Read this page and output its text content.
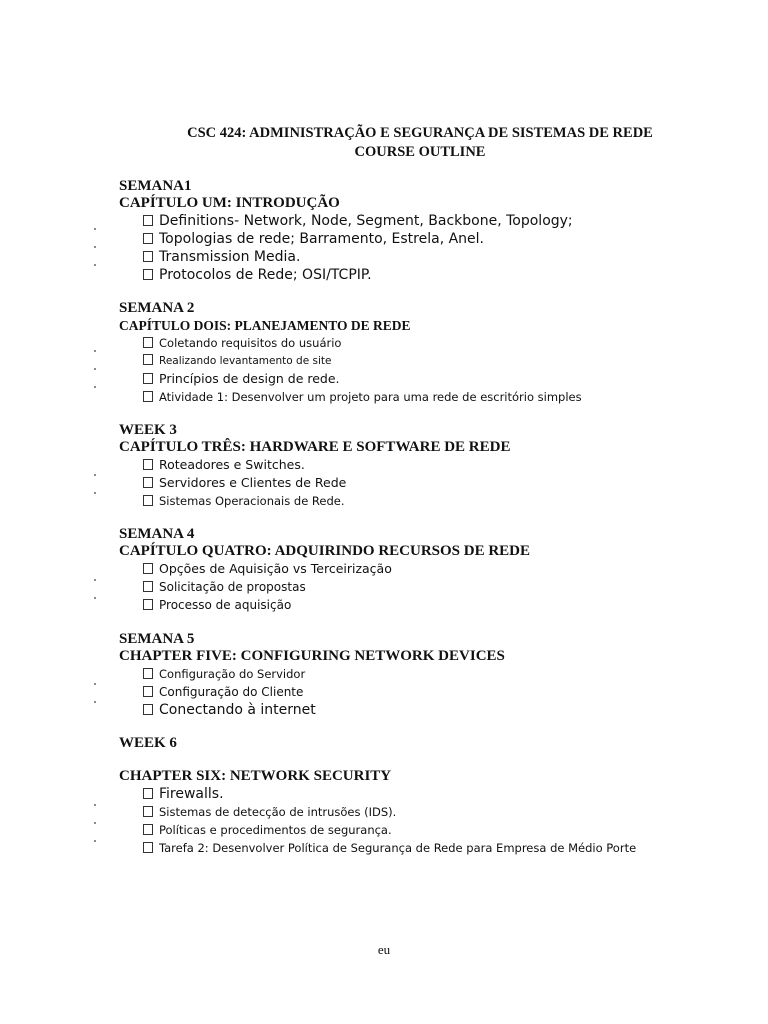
CSC 424: ADMINISTRAÇÃO E SEGURANÇA DE SISTEMAS DE REDE
COURSE OUTLINE
SEMANA1
CAPÍTULO UM: INTRODUÇÃO
Definitions- Network, Node, Segment, Backbone, Topology;
Topologias de rede; Barramento, Estrela, Anel.
Transmission Media.
Protocolos de Rede; OSI/TCPIP.
SEMANA 2
CAPÍTULO DOIS: PLANEJAMENTO DE REDE
Coletando requisitos do usuário
Realizando levantamento de site
Princípios de design de rede.
Atividade 1: Desenvolver um projeto para uma rede de escritório simples
WEEK 3
CAPÍTULO TRÊS: HARDWARE E SOFTWARE DE REDE
Roteadores e Switches.
Servidores e Clientes de Rede
Sistemas Operacionais de Rede.
SEMANA 4
CAPÍTULO QUATRO: ADQUIRINDO RECURSOS DE REDE
Opções de Aquisição vs Terceirização
Solicitação de propostas
Processo de aquisição
SEMANA 5
CHAPTER FIVE: CONFIGURING NETWORK DEVICES
Configuração do Servidor
Configuração do Cliente
Conectando à internet
WEEK 6
CHAPTER SIX: NETWORK SECURITY
Firewalls.
Sistemas de detecção de intrusões (IDS).
Políticas e procedimentos de segurança.
Tarefa 2: Desenvolver Política de Segurança de Rede para Empresa de Médio Porte
eu
